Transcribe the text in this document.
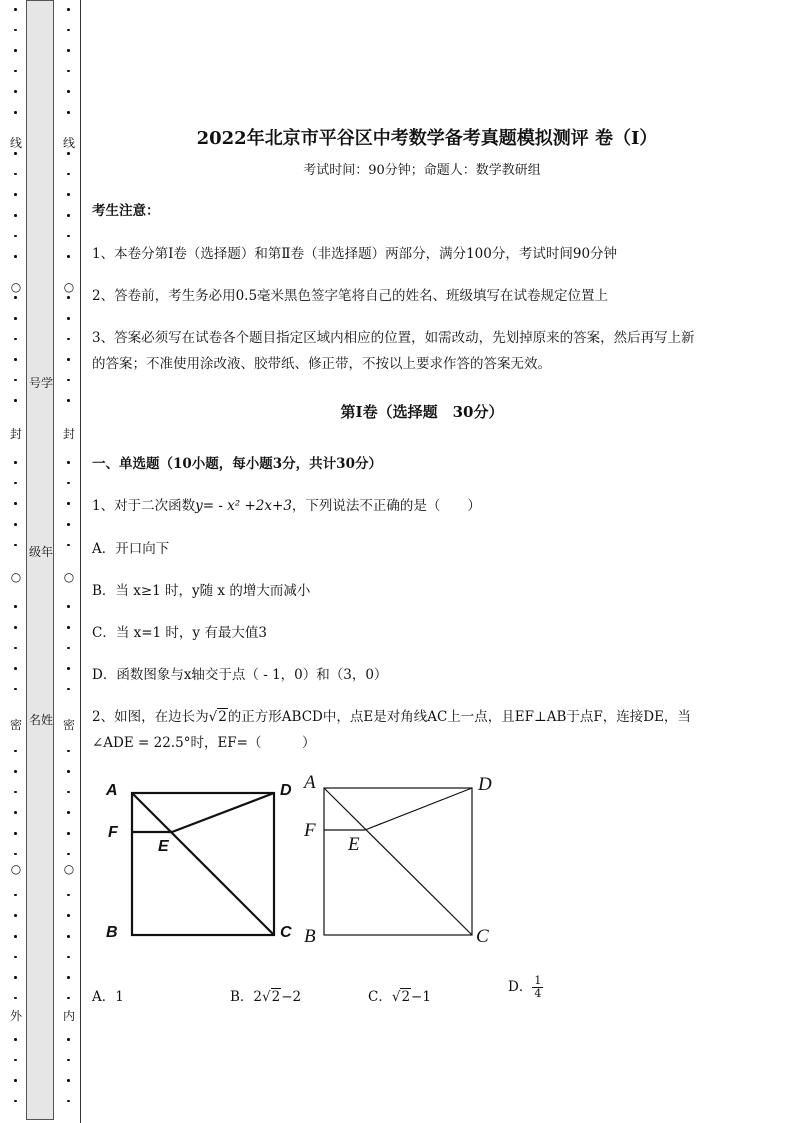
号学
级年
名姓
线
○
封
○
密
○
外
线
○
封
○
密
○
内
2022年北京市平谷区中考数学备考真题模拟测评 卷（Ⅰ）
考试时间：90分钟；命题人：数学教研组
考生注意：
1、本卷分第Ⅰ卷（选择题）和第Ⅱ卷（非选择题）两部分，满分100分，考试时间90分钟
2、答卷前，考生务必用0.5毫米黑色签字笔将自己的姓名、班级填写在试卷规定位置上
3、答案必须写在试卷各个题目指定区域内相应的位置，如需改动，先划掉原来的答案，然后再写上新
的答案；不准使用涂改液、胶带纸、修正带，不按以上要求作答的答案无效。
第Ⅰ卷（选择题　30分）
一、单选题（10小题，每小题3分，共计30分）
1、对于二次函数y= - x² +2x+3，下列说法不正确的是（　　）
A．开口向下
B．当 x≥1 时，y随 x 的增大而减小
C．当 x=1 时，y 有最大值3
D．函数图象与x轴交于点（ - 1，0）和（3，0）
2、如图，在边长为√2的正方形ABCD中，点E是对角线AC上一点，且EF⊥AB于点F，连接DE，当
∠ADE = 22.5°时，EF=（　　　）
A．1	B．2√2−2	C．√2−1
D． $\frac{1}{4}$
A	D
F
E
B	C
A	D
F
E
B	C
